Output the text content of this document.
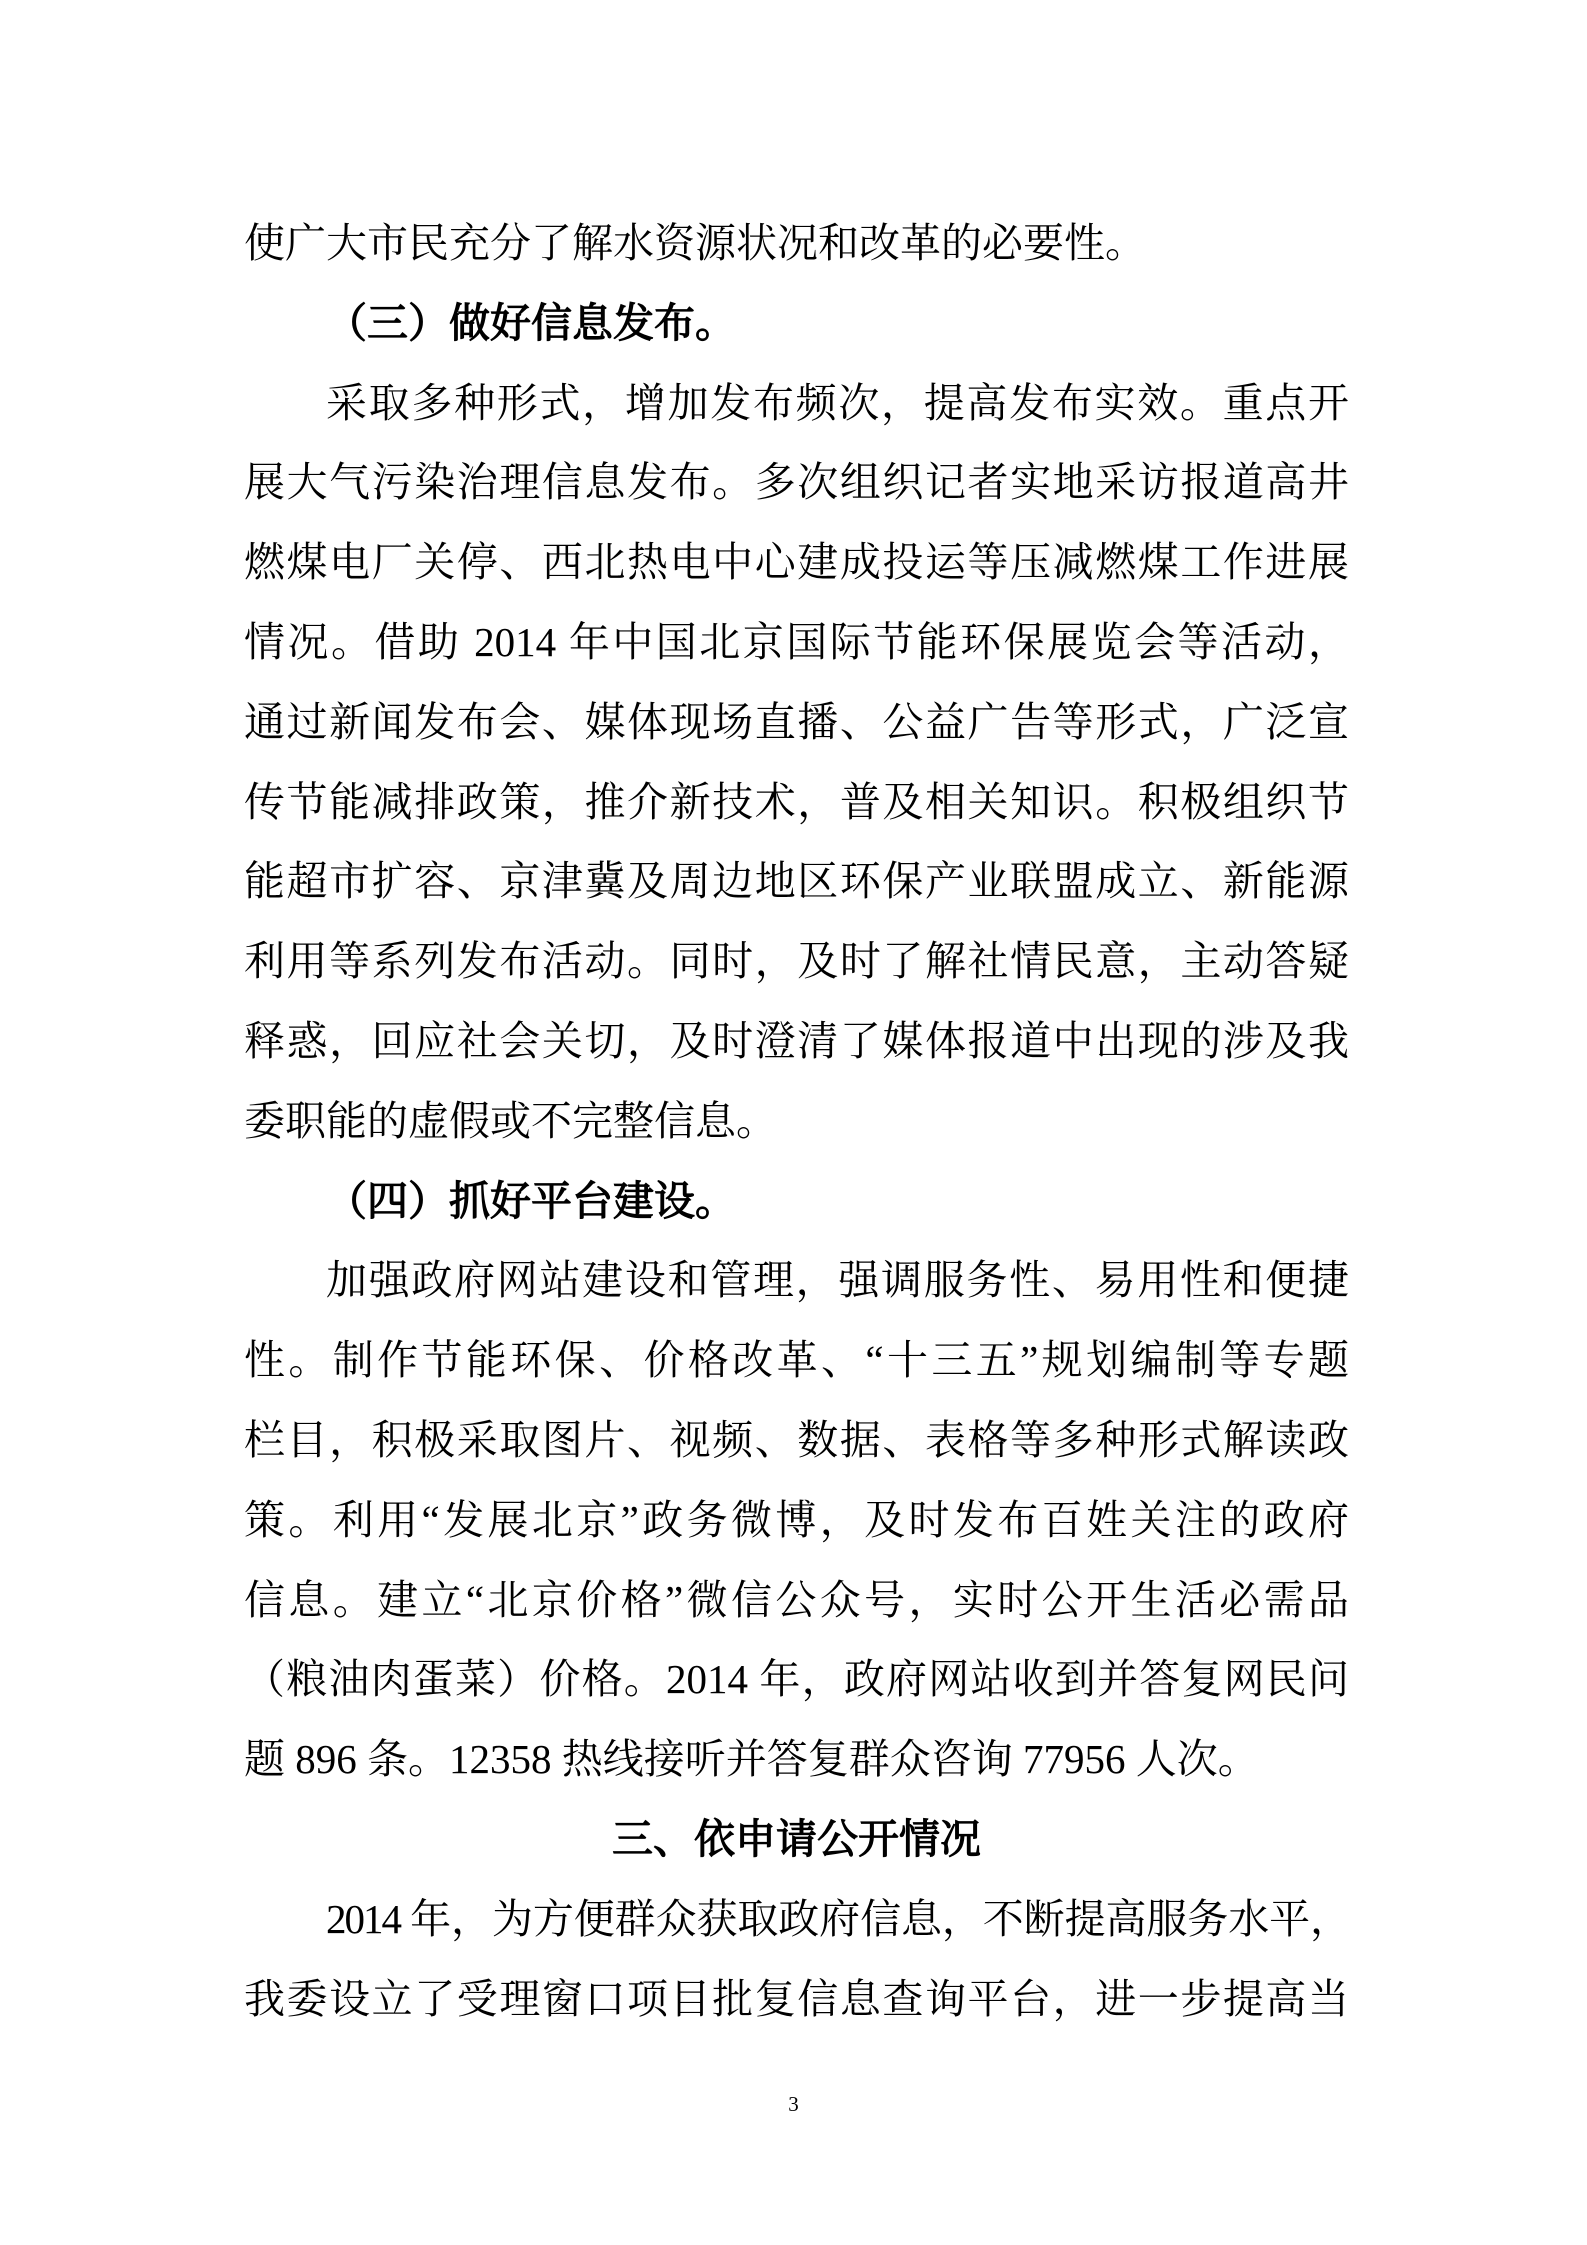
使广大市民充分了解水资源状况和改革的必要性。
（三）做好信息发布。
采取多种形式，增加发布频次，提高发布实效。重点开
展大气污染治理信息发布。多次组织记者实地采访报道高井
燃煤电厂关停、西北热电中心建成投运等压减燃煤工作进展
情况。借助 2014 年中国北京国际节能环保展览会等活动，
通过新闻发布会、媒体现场直播、公益广告等形式，广泛宣
传节能减排政策，推介新技术，普及相关知识。积极组织节
能超市扩容、京津冀及周边地区环保产业联盟成立、新能源
利用等系列发布活动。同时，及时了解社情民意，主动答疑
释惑，回应社会关切，及时澄清了媒体报道中出现的涉及我
委职能的虚假或不完整信息。
（四）抓好平台建设。
加强政府网站建设和管理，强调服务性、易用性和便捷
性。制作节能环保、价格改革、“十三五”规划编制等专题
栏目，积极采取图片、视频、数据、表格等多种形式解读政
策。利用“发展北京”政务微博，及时发布百姓关注的政府
信息。建立“北京价格”微信公众号，实时公开生活必需品
（粮油肉蛋菜）价格。2014 年，政府网站收到并答复网民问
题 896 条。12358 热线接听并答复群众咨询 77956 人次。
三、依申请公开情况
2014 年，为方便群众获取政府信息，不断提高服务水平，
我委设立了受理窗口项目批复信息查询平台，进一步提高当
3
